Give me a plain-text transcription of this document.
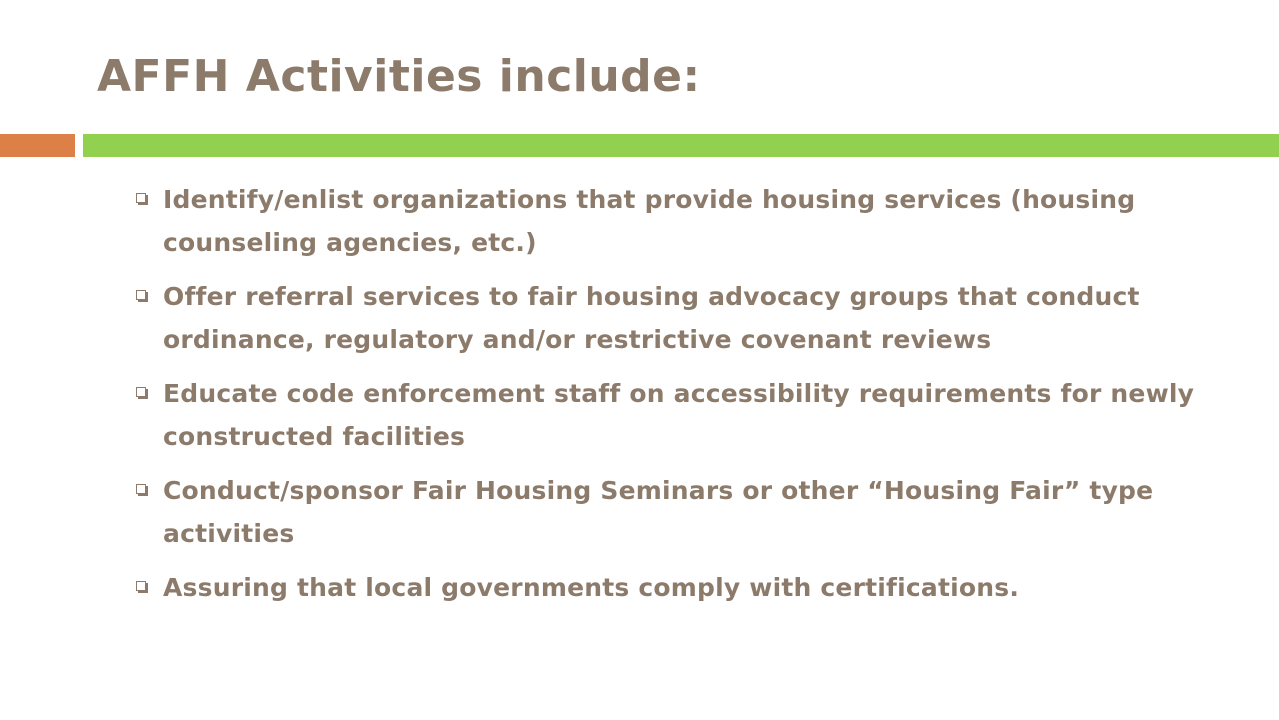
AFFH Activities include:
Identify/enlist organizations that provide housing services (housing counseling agencies, etc.)
Offer referral services to fair housing advocacy groups that conduct ordinance, regulatory and/or restrictive covenant reviews
Educate code enforcement staff on accessibility requirements for newly constructed facilities
Conduct/sponsor Fair Housing Seminars or other “Housing Fair” type activities
Assuring that local governments comply with certifications.
